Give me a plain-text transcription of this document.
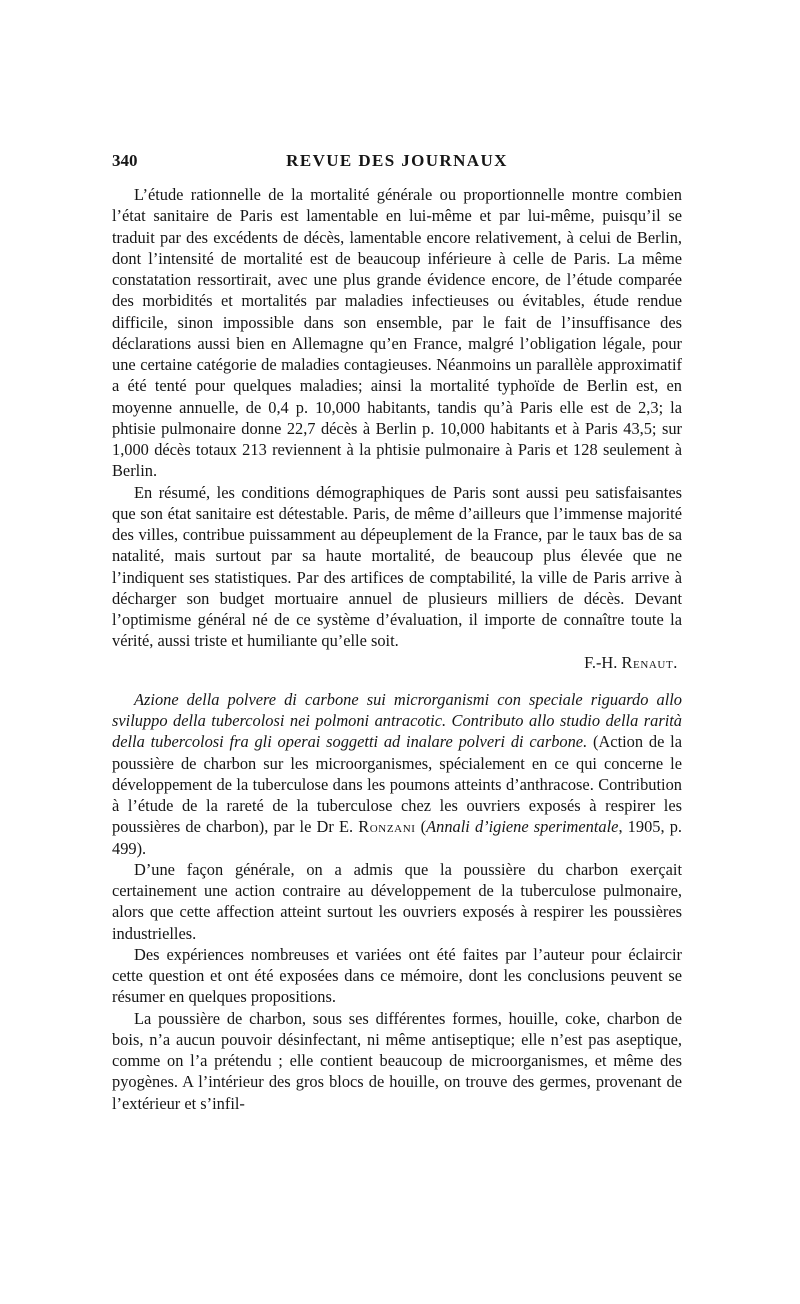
340	REVUE DES JOURNAUX

L’étude rationnelle de la mortalité générale ou proportionnelle montre combien l’état sanitaire de Paris est lamentable en lui-même et par lui-même, puisqu’il se traduit par des excédents de décès, lamentable encore relativement, à celui de Berlin, dont l’intensité de mortalité est de beaucoup inférieure à celle de Paris. La même constatation ressortirait, avec une plus grande évidence encore, de l’étude comparée des morbidités et mortalités par maladies infectieuses ou évitables, étude rendue difficile, sinon impossible dans son ensemble, par le fait de l’insuffisance des déclarations aussi bien en Allemagne qu’en France, malgré l’obligation légale, pour une certaine catégorie de maladies contagieuses. Néanmoins un parallèle approximatif a été tenté pour quelques maladies; ainsi la mortalité typhoïde de Berlin est, en moyenne annuelle, de 0,4 p. 10,000 habitants, tandis qu’à Paris elle est de 2,3; la phtisie pulmonaire donne 22,7 décès à Berlin p. 10,000 habitants et à Paris 43,5; sur 1,000 décès totaux 213 reviennent à la phtisie pulmonaire à Paris et 128 seulement à Berlin.

En résumé, les conditions démographiques de Paris sont aussi peu satisfaisantes que son état sanitaire est détestable. Paris, de même d’ailleurs que l’immense majorité des villes, contribue puissamment au dépeuplement de la France, par le taux bas de sa natalité, mais surtout par sa haute mortalité, de beaucoup plus élevée que ne l’indiquent ses statistiques. Par des artifices de comptabilité, la ville de Paris arrive à décharger son budget mortuaire annuel de plusieurs milliers de décès. Devant l’optimisme général né de ce système d’évaluation, il importe de connaître toute la vérité, aussi triste et humiliante qu’elle soit.

F.-H. Renaut.

Azione della polvere di carbone sui microrganismi con speciale riguardo allo sviluppo della tubercolosi nei polmoni antracotic. Contributo allo studio della rarità della tubercolosi fra gli operai soggetti ad inalare polveri di carbone. (Action de la poussière de charbon sur les microorganismes, spécialement en ce qui concerne le développement de la tuberculose dans les poumons atteints d’anthracose. Contribution à l’étude de la rareté de la tuberculose chez les ouvriers exposés à respirer les poussières de charbon), par le Dr E. Ronzani (Annali d’igiene sperimentale, 1905, p. 499).

D’une façon générale, on a admis que la poussière du charbon exerçait certainement une action contraire au développement de la tuberculose pulmonaire, alors que cette affection atteint surtout les ouvriers exposés à respirer les poussières industrielles.

Des expériences nombreuses et variées ont été faites par l’auteur pour éclaircir cette question et ont été exposées dans ce mémoire, dont les conclusions peuvent se résumer en quelques propositions.

La poussière de charbon, sous ses différentes formes, houille, coke, charbon de bois, n’a aucun pouvoir désinfectant, ni même antiseptique; elle n’est pas aseptique, comme on l’a prétendu ; elle contient beaucoup de microorganismes, et même des pyogènes. A l’intérieur des gros blocs de houille, on trouve des germes, provenant de l’extérieur et s’infil-
